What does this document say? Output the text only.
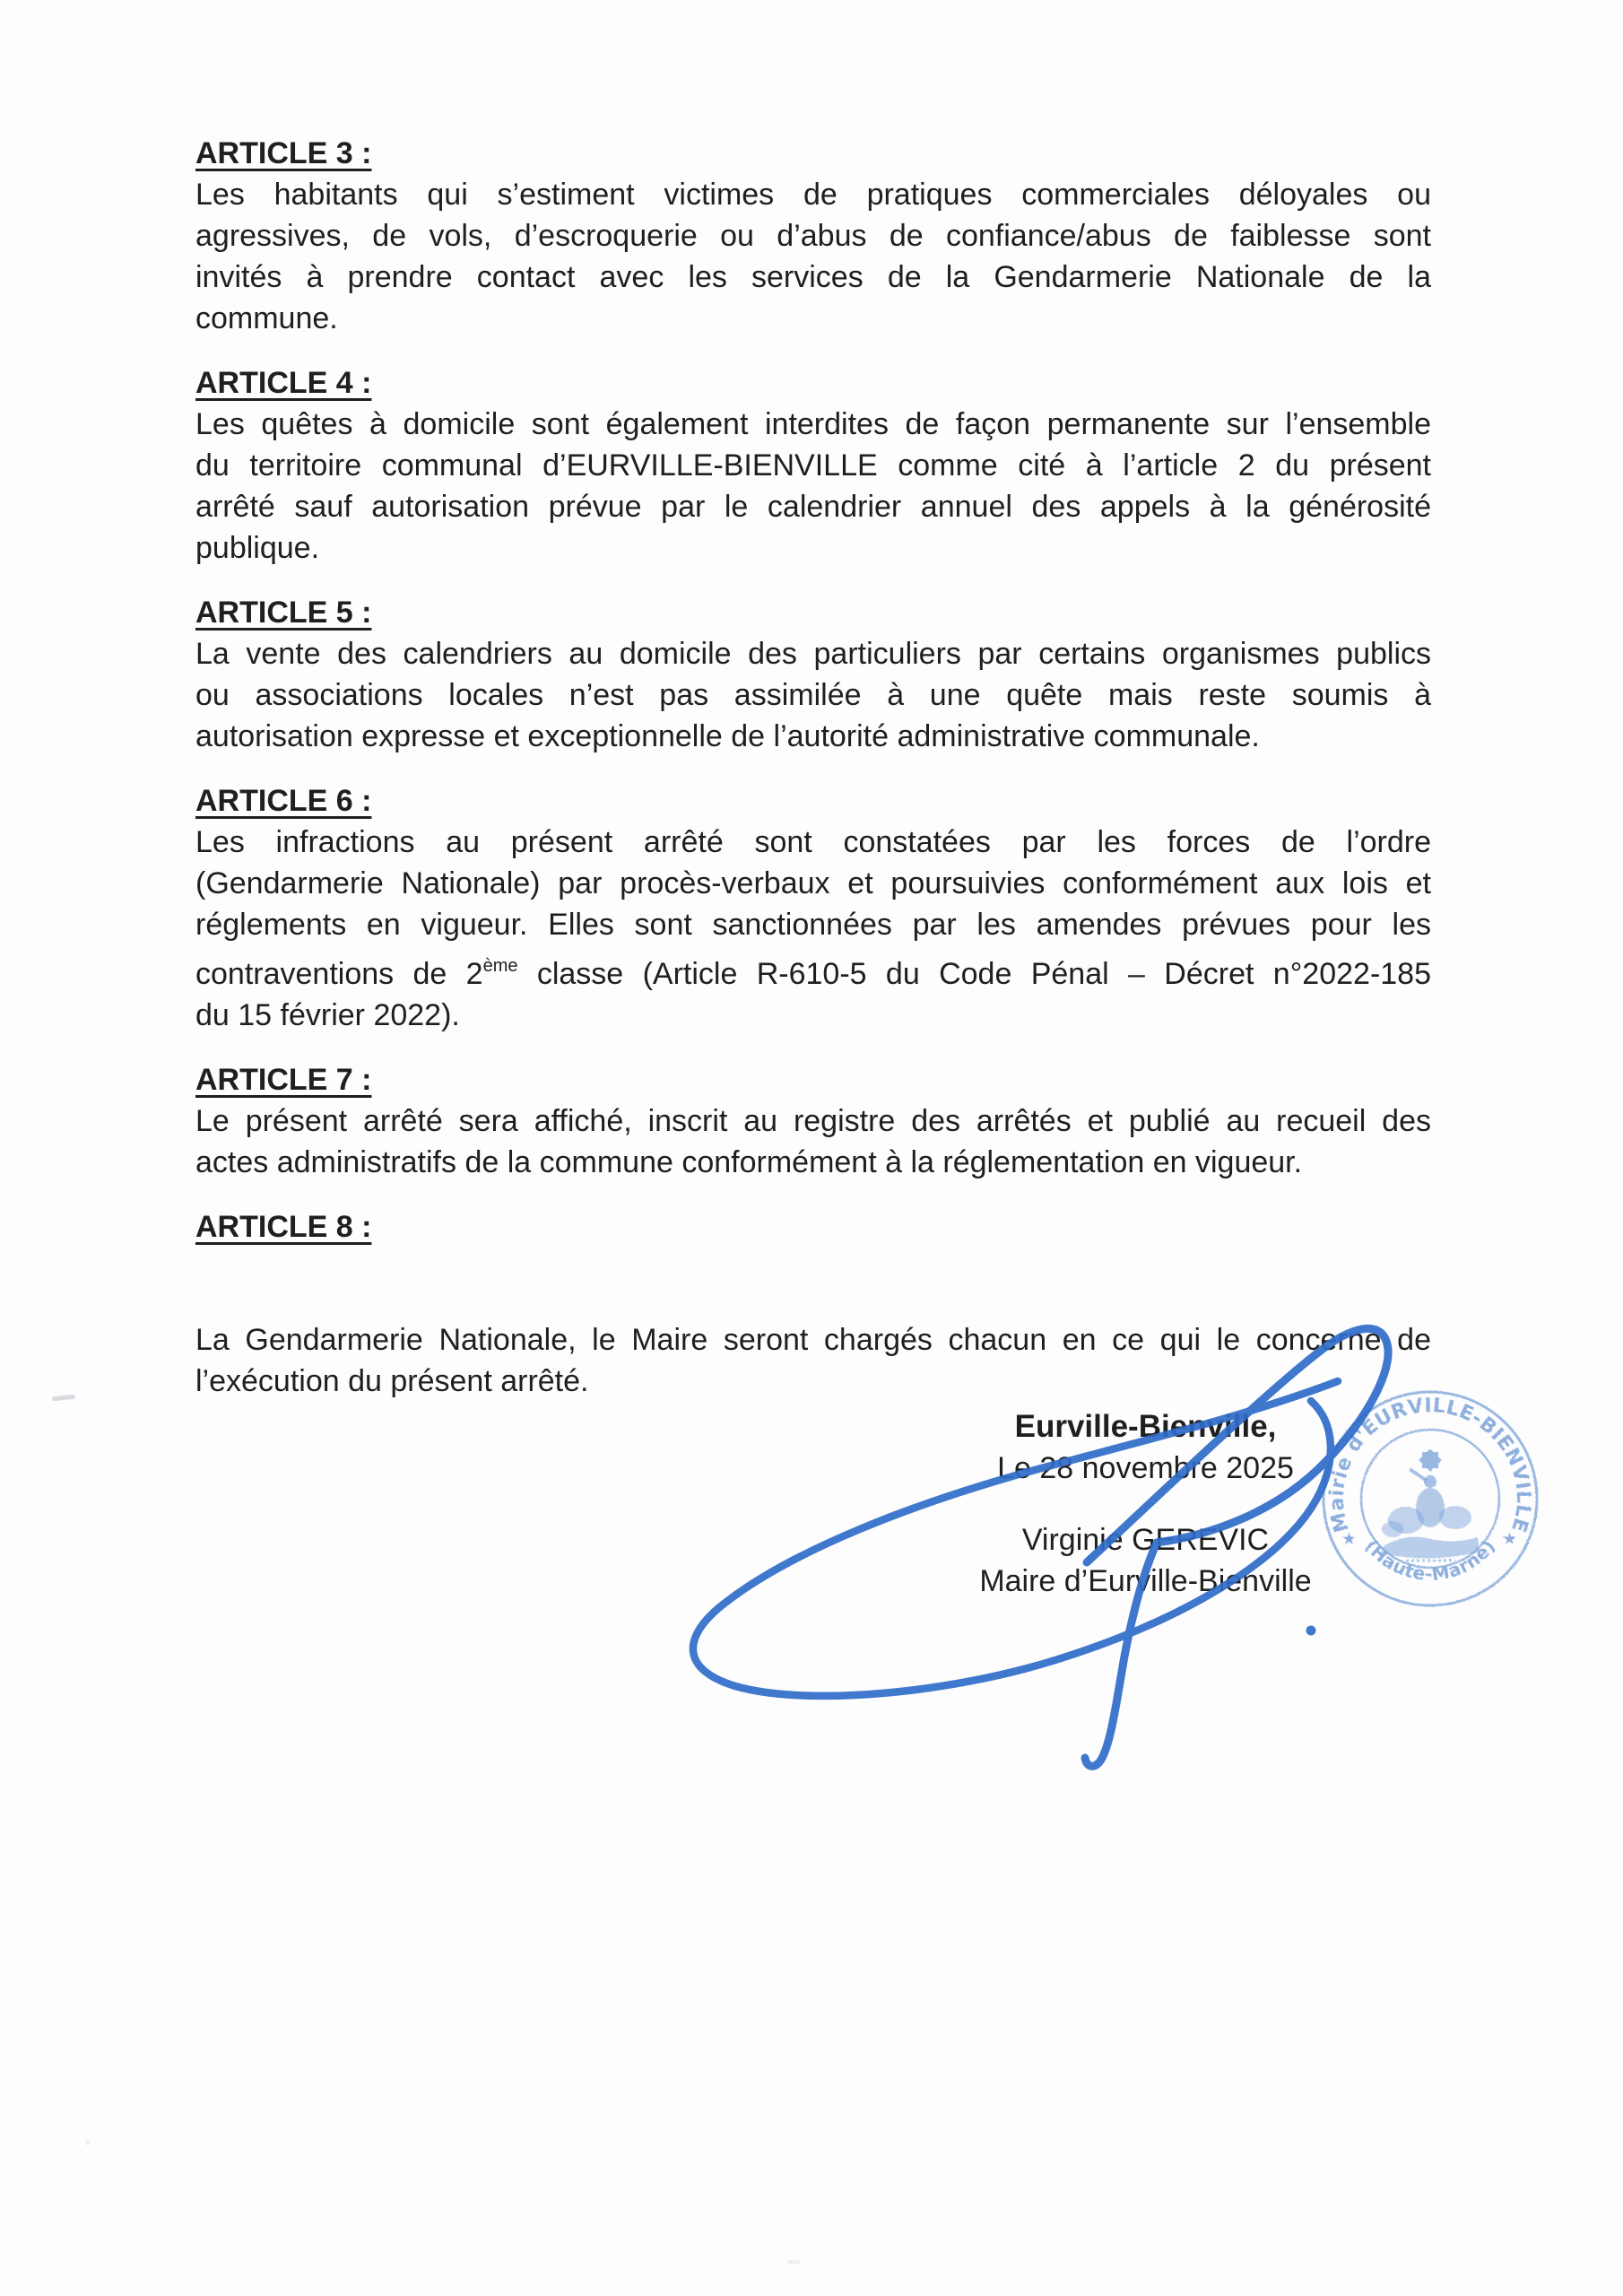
ARTICLE 3 :
Les habitants qui s’estiment victimes de pratiques commerciales déloyales ou
agressives, de vols, d’escroquerie ou d’abus de confiance/abus de faiblesse sont
invités à prendre contact avec les services de la Gendarmerie Nationale de la
commune.
ARTICLE 4 :
Les quêtes à domicile sont également interdites de façon permanente sur l’ensemble
du territoire communal d’EURVILLE-BIENVILLE comme cité à l’article 2 du présent
arrêté sauf autorisation prévue par le calendrier annuel des appels à la générosité
publique.
ARTICLE 5 :
La vente des calendriers au domicile des particuliers par certains organismes publics
ou associations locales n’est pas assimilée à une quête mais reste soumis à
autorisation expresse et exceptionnelle de l’autorité administrative communale.
ARTICLE 6 :
Les infractions au présent arrêté sont constatées par les forces de l’ordre
(Gendarmerie Nationale) par procès-verbaux et poursuivies conformément aux lois et
réglements en vigueur. Elles sont sanctionnées par les amendes prévues pour les
contraventions de 2ème classe (Article R-610-5 du Code Pénal – Décret n°2022-185
du 15 février 2022).
ARTICLE 7 :
Le présent arrêté sera affiché, inscrit au registre des arrêtés et publié au recueil des
actes administratifs de la commune conformément à la réglementation en vigueur.
ARTICLE 8 :
La Gendarmerie Nationale, le Maire seront chargés chacun en ce qui le concerne de
l’exécution du présent arrêté.
Eurville-Bienville,
Le 28 novembre 2025
Virginie GEREVIC
Maire d’Eurville-Bienville
Mairie d'EURVILLE-BIENVILLE
(Haute-Marne)
★	★
